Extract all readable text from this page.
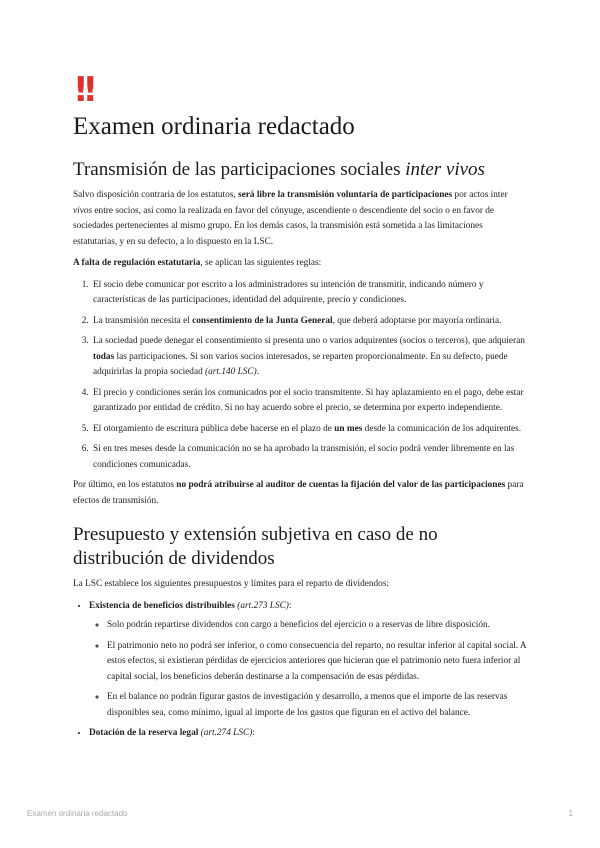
!!
Examen ordinaria redactado
Transmisión de las participaciones sociales inter vivos

Salvo disposición contraria de los estatutos, será libre la transmisión voluntaria de participaciones por actos inter vivos entre socios, así como la realizada en favor del cónyuge, ascendiente o descendiente del socio o en favor de sociedades pertenecientes al mismo grupo. En los demás casos, la transmisión está sometida a las limitaciones estatutarias, y en su defecto, a lo dispuesto en la LSC.

A falta de regulación estatutaria, se aplican las siguientes reglas:

1. El socio debe comunicar por escrito a los administradores su intención de transmitir, indicando número y características de las participaciones, identidad del adquirente, precio y condiciones.
2. La transmisión necesita el consentimiento de la Junta General, que deberá adoptarse por mayoría ordinaria.
3. La sociedad puede denegar el consentimiento si presenta uno o varios adquirentes (socios o terceros), que adquieran todas las participaciones. Si son varios socios interesados, se reparten proporcionalmente. En su defecto, puede adquirirlas la propia sociedad (art.140 LSC).
4. El precio y condiciones serán los comunicados por el socio transmitente. Si hay aplazamiento en el pago, debe estar garantizado por entidad de crédito. Si no hay acuerdo sobre el precio, se determina por experto independiente.
5. El otorgamiento de escritura pública debe hacerse en el plazo de un mes desde la comunicación de los adquirentes.
6. Si en tres meses desde la comunicación no se ha aprobado la transmisión, el socio podrá vender libremente en las condiciones comunicadas.

Por último, en los estatutos no podrá atribuirse al auditor de cuentas la fijación del valor de las participaciones para efectos de transmisión.

Presupuesto y extensión subjetiva en caso de no distribución de dividendos

La LSC establece los siguientes presupuestos y límites para el reparto de dividendos:

• Existencia de beneficios distribuibles (art.273 LSC):
◦ Solo podrán repartirse dividendos con cargo a beneficios del ejercicio o a reservas de libre disposición.
◦ El patrimonio neto no podrá ser inferior, o como consecuencia del reparto, no resultar inferior al capital social. A estos efectos, si existieran pérdidas de ejercicios anteriores que hicieran que el patrimonio neto fuera inferior al capital social, los beneficios deberán destinarse a la compensación de esas pérdidas.
◦ En el balance no podrán figurar gastos de investigación y desarrollo, a menos que el importe de las reservas disponibles sea, como mínimo, igual al importe de los gastos que figuran en el activo del balance.
• Dotación de la reserva legal (art.274 LSC):
Examen ordinaria redactado	1
